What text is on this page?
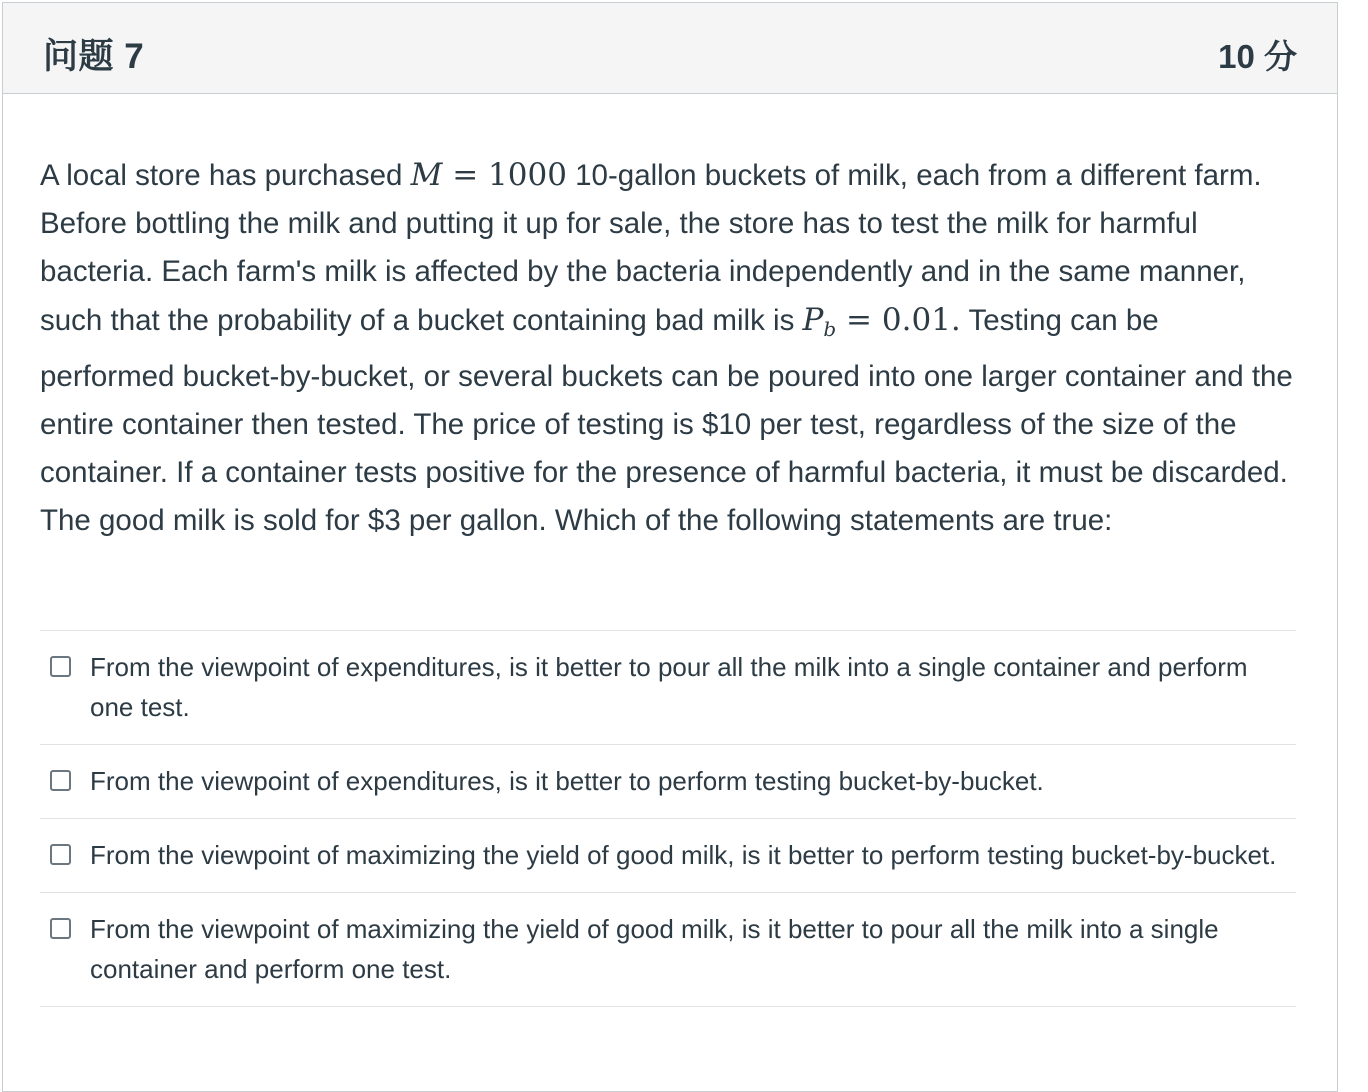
问题 7	10 分

A local store has purchased M = 1000 10-gallon buckets of milk, each from a different farm. Before bottling the milk and putting it up for sale, the store has to test the milk for harmful bacteria. Each farm's milk is affected by the bacteria independently and in the same manner, such that the probability of a bucket containing bad milk is $P_b = 0.01$. Testing can be performed bucket-by-bucket, or several buckets can be poured into one larger container and the entire container then tested. The price of testing is $10 per test, regardless of the size of the container. If a container tests positive for the presence of harmful bacteria, it must be discarded. The good milk is sold for $3 per gallon. Which of the following statements are true:

From the viewpoint of expenditures, is it better to pour all the milk into a single container and perform one test.
From the viewpoint of expenditures, is it better to perform testing bucket-by-bucket.
From the viewpoint of maximizing the yield of good milk, is it better to perform testing bucket-by-bucket.
From the viewpoint of maximizing the yield of good milk, is it better to pour all the milk into a single container and perform one test.
